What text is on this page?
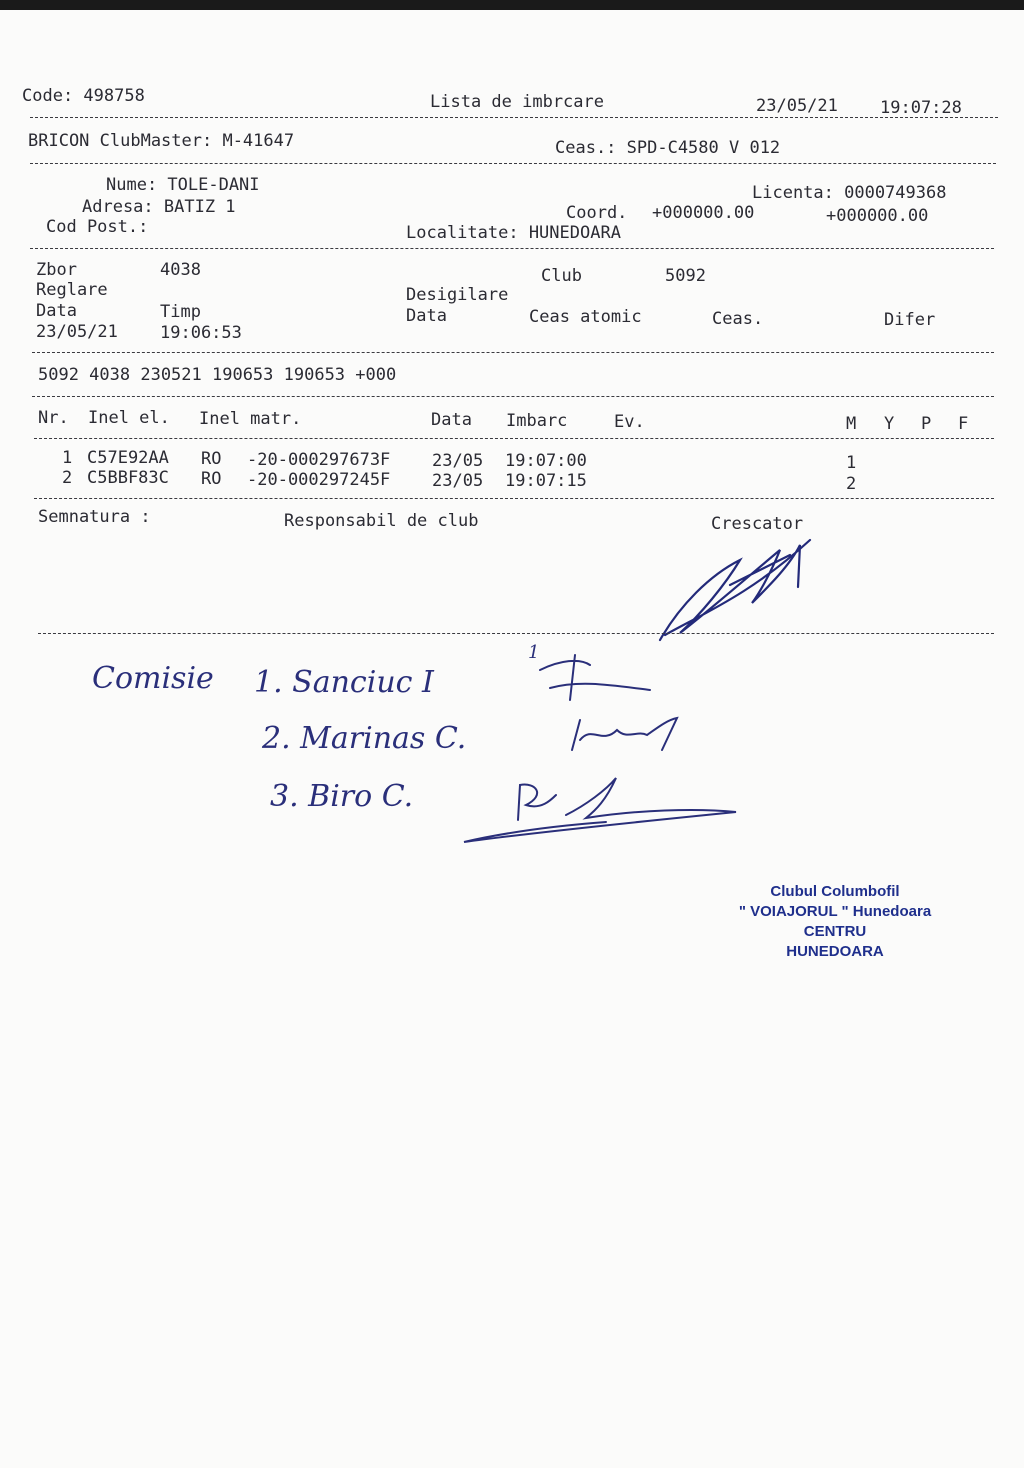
Code: 498758	Lista de imbrcare	23/05/21 19:07:28
BRICON ClubMaster: M-41647	Ceas.: SPD-C4580 V 012
Nume: TOLE-DANI
Adresa: BATIZ 1
Cod Post.:
Licenta: 0000749368
Coord. +000000.00	+000000.00
Localitate: HUNEDOARA
Zbor	4038	Club	5092
Reglare	Desigilare
Data	Timp	Data	Ceas atomic	Ceas.	Difer
23/05/21 19:06:53
5092 4038 230521 190653 190653 +000
Nr. Inel el. Inel matr.	Data Imbarc	Ev.	M Y P F
1 C57E92AA RO -20-000297673F 23/05 19:07:00	1
2 C5BBF83C RO -20-000297245F 23/05 19:07:15	2
Semnatura :	Responsabil de club	Crescator
Comisie
1
1. Sanciuc I
2. Marinas C.
3. Biro C.
Clubul Columbofil
" VOIAJORUL " Hunedoara
CENTRU
HUNEDOARA
